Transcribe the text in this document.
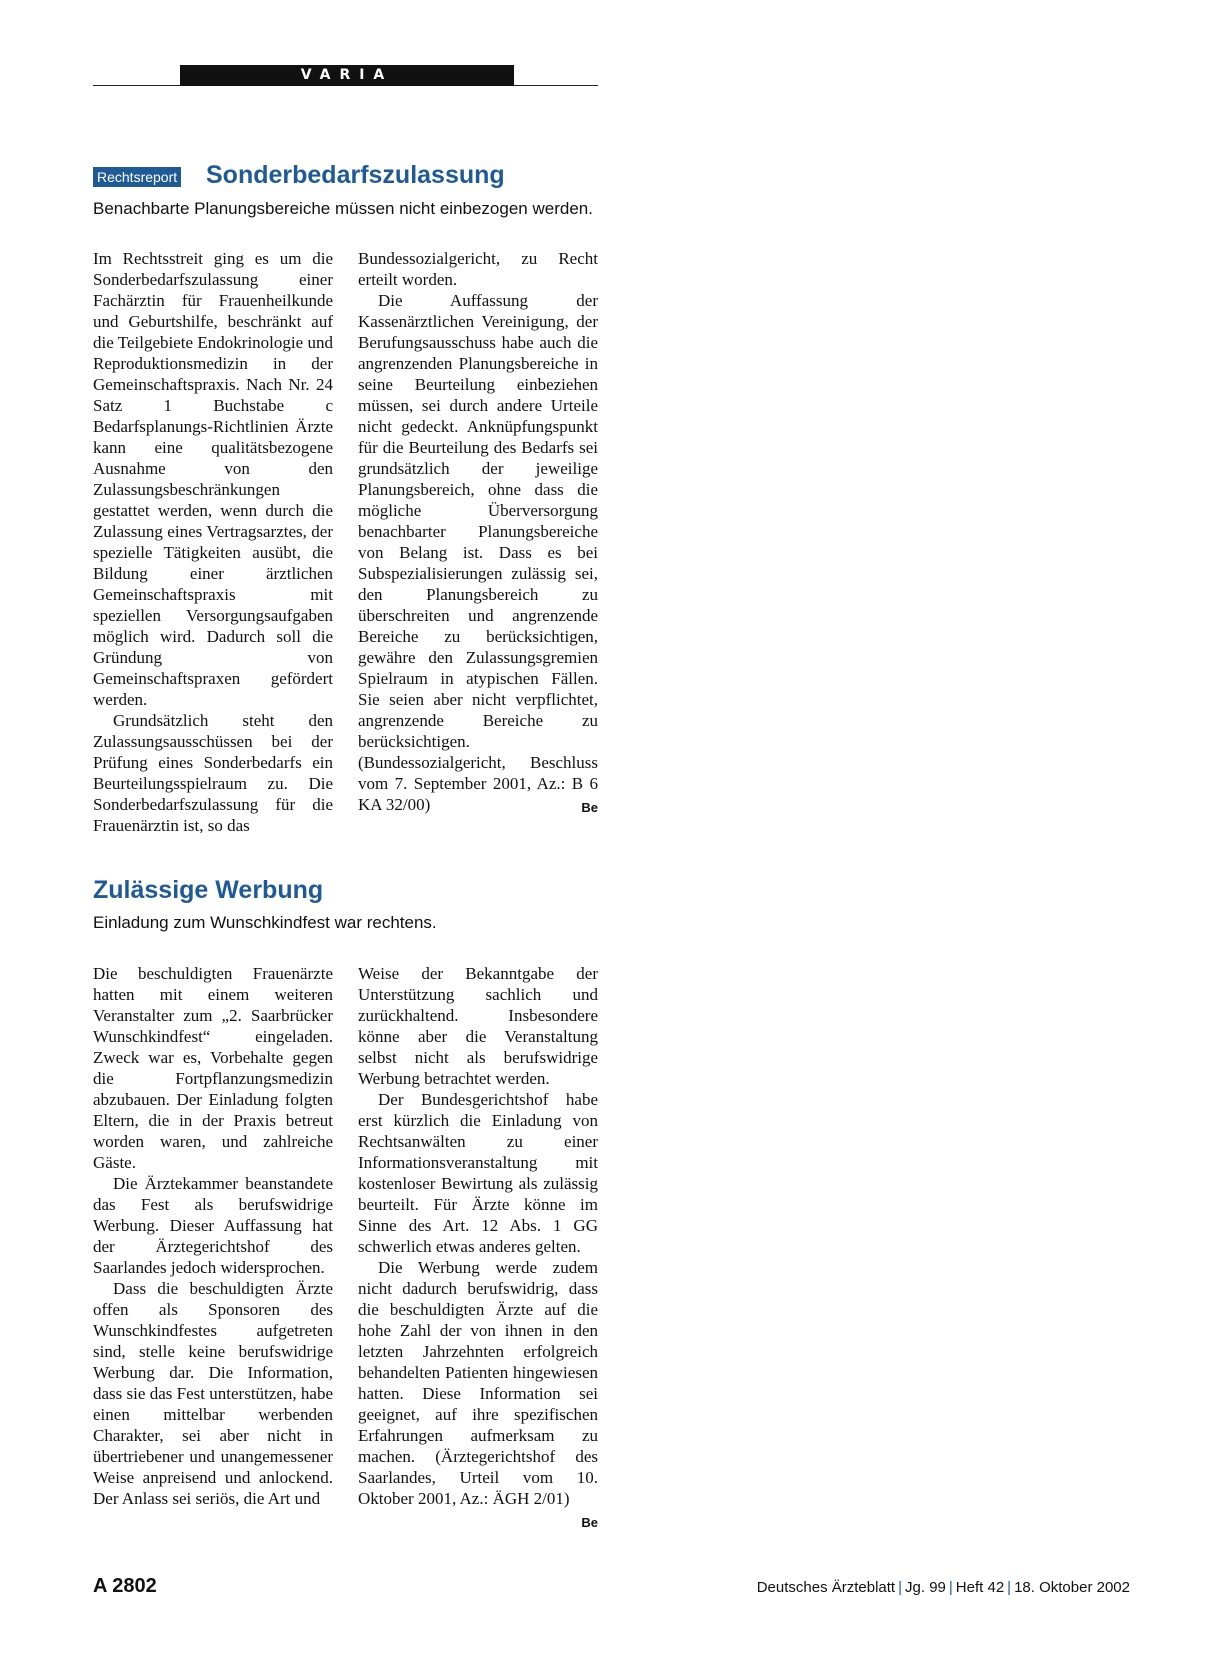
VARIA
Rechtsreport Sonderbedarfszulassung

Benachbarte Planungsbereiche müssen nicht einbezogen werden.

Im Rechtsstreit ging es um die Sonderbedarfszulassung einer Fachärztin für Frauenheilkunde und Geburtshilfe, beschränkt auf die Teilgebiete Endokrinologie und Reproduktionsmedizin in der Gemeinschaftspraxis. Nach Nr. 24 Satz 1 Buchstabe c Bedarfsplanungs-Richtlinien Ärzte kann eine qualitätsbezogene Ausnahme von den Zulassungsbeschränkungen gestattet werden, wenn durch die Zulassung eines Vertragsarztes, der spezielle Tätigkeiten ausübt, die Bildung einer ärztlichen Gemeinschaftspraxis mit speziellen Versorgungsaufgaben möglich wird. Dadurch soll die Gründung von Gemeinschaftspraxen gefördert werden.

Grundsätzlich steht den Zulassungsausschüssen bei der Prüfung eines Sonderbedarfs ein Beurteilungsspielraum zu. Die Sonderbedarfszulassung für die Frauenärztin ist, so das

Bundessozialgericht, zu Recht erteilt worden.

Die Auffassung der Kassenärztlichen Vereinigung, der Berufungsausschuss habe auch die angrenzenden Planungsbereiche in seine Beurteilung einbeziehen müssen, sei durch andere Urteile nicht gedeckt. Anknüpfungspunkt für die Beurteilung des Bedarfs sei grundsätzlich der jeweilige Planungsbereich, ohne dass die mögliche Überversorgung benachbarter Planungsbereiche von Belang ist. Dass es bei Subspezialisierungen zulässig sei, den Planungsbereich zu überschreiten und angrenzende Bereiche zu berücksichtigen, gewähre den Zulassungsgremien Spielraum in atypischen Fällen. Sie seien aber nicht verpflichtet, angrenzende Bereiche zu berücksichtigen. (Bundessozialgericht, Beschluss vom 7. September 2001, Az.: B 6 KA 32/00)	Be

Zulässige Werbung

Einladung zum Wunschkindfest war rechtens.

Die beschuldigten Frauenärzte hatten mit einem weiteren Veranstalter zum „2. Saarbrücker Wunschkindfest“ eingeladen. Zweck war es, Vorbehalte gegen die Fortpflanzungsmedizin abzubauen. Der Einladung folgten Eltern, die in der Praxis betreut worden waren, und zahlreiche Gäste.

Die Ärztekammer beanstandete das Fest als berufswidrige Werbung. Dieser Auffassung hat der Ärztegerichtshof des Saarlandes jedoch widersprochen.

Dass die beschuldigten Ärzte offen als Sponsoren des Wunschkindfestes aufgetreten sind, stelle keine berufswidrige Werbung dar. Die Information, dass sie das Fest unterstützen, habe einen mittelbar werbenden Charakter, sei aber nicht in übertriebener und unangemessener Weise anpreisend und anlockend. Der Anlass sei seriös, die Art und

Weise der Bekanntgabe der Unterstützung sachlich und zurückhaltend. Insbesondere könne aber die Veranstaltung selbst nicht als berufswidrige Werbung betrachtet werden.

Der Bundesgerichtshof habe erst kürzlich die Einladung von Rechtsanwälten zu einer Informationsveranstaltung mit kostenloser Bewirtung als zulässig beurteilt. Für Ärzte könne im Sinne des Art. 12 Abs. 1 GG schwerlich etwas anderes gelten.

Die Werbung werde zudem nicht dadurch berufswidrig, dass die beschuldigten Ärzte auf die hohe Zahl der von ihnen in den letzten Jahrzehnten erfolgreich behandelten Patienten hingewiesen hatten. Diese Information sei geeignet, auf ihre spezifischen Erfahrungen aufmerksam zu machen. (Ärztegerichtshof des Saarlandes, Urteil vom 10. Oktober 2001, Az.: ÄGH 2/01)
Be

A 2802	Deutsches Ärzteblatt | Jg. 99 | Heft 42 | 18. Oktober 2002
